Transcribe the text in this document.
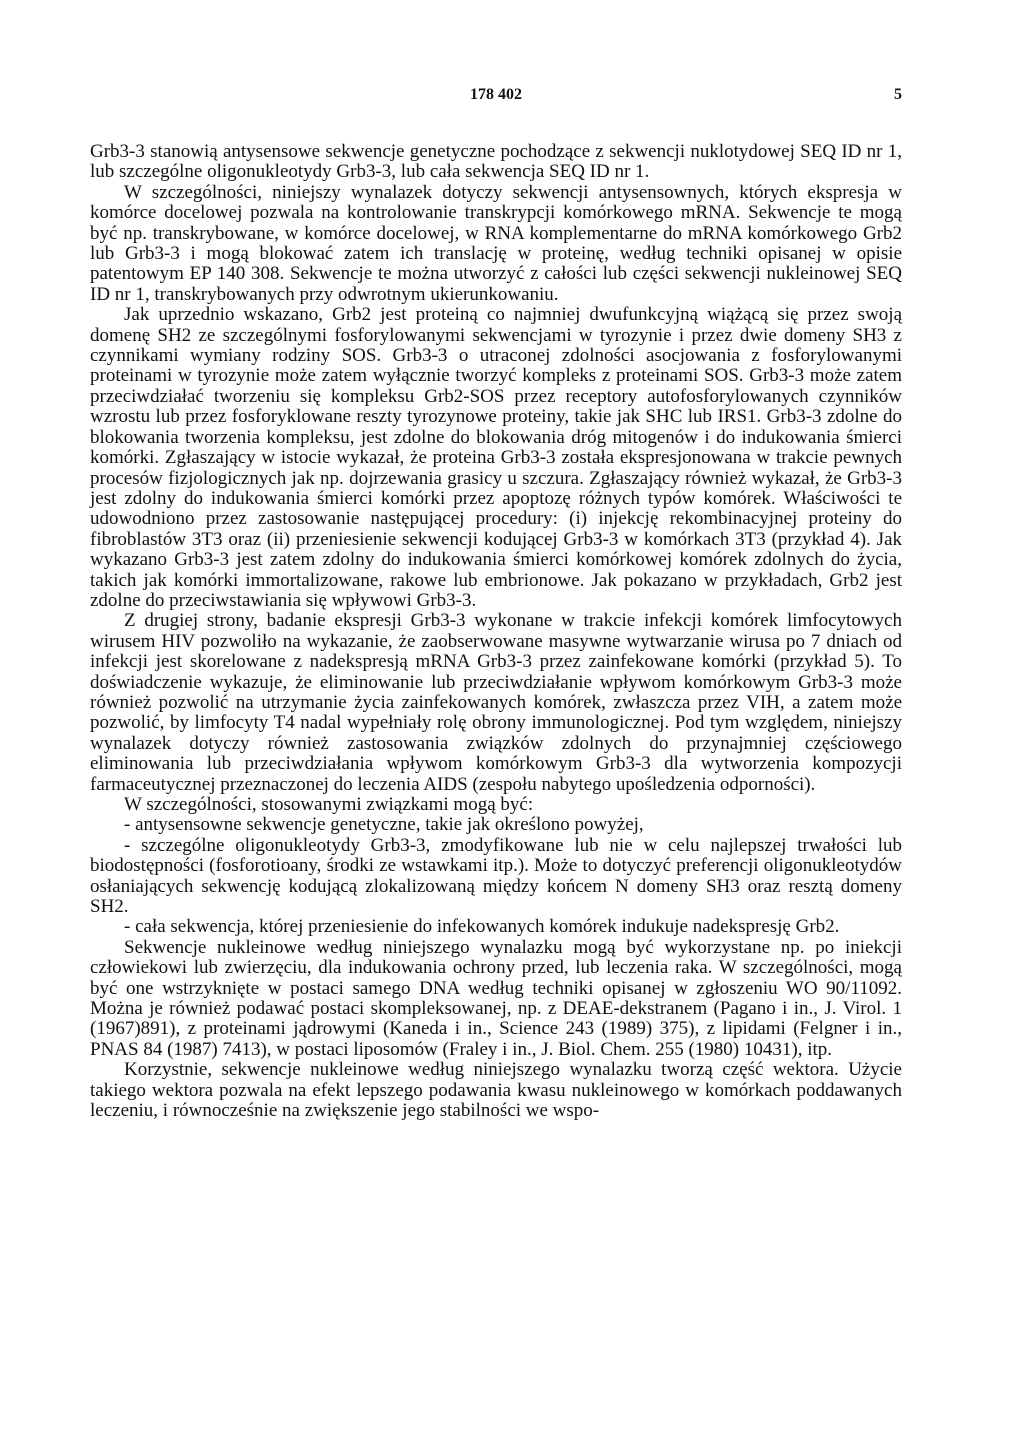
178 402	5

Grb3-3 stanowią antysensowe sekwencje genetyczne pochodzące z sekwencji nuklotydowej SEQ ID nr 1, lub szczególne oligonukleotydy Grb3-3, lub cała sekwencja SEQ ID nr 1.

W szczególności, niniejszy wynalazek dotyczy sekwencji antysensownych, których ekspresja w komórce docelowej pozwala na kontrolowanie transkrypcji komórkowego mRNA. Sekwencje te mogą być np. transkrybowane, w komórce docelowej, w RNA komplementarne do mRNA komórkowego Grb2 lub Grb3-3 i mogą blokować zatem ich translację w proteinę, według techniki opisanej w opisie patentowym EP 140 308. Sekwencje te można utworzyć z całości lub części sekwencji nukleinowej SEQ ID nr 1, transkrybowanych przy odwrotnym ukierunkowaniu.

Jak uprzednio wskazano, Grb2 jest proteiną co najmniej dwufunkcyjną wiążącą się przez swoją domenę SH2 ze szczególnymi fosforylowanymi sekwencjami w tyrozynie i przez dwie domeny SH3 z czynnikami wymiany rodziny SOS. Grb3-3 o utraconej zdolności asocjowania z fosforylowanymi proteinami w tyrozynie może zatem wyłącznie tworzyć kompleks z proteinami SOS. Grb3-3 może zatem przeciwdziałać tworzeniu się kompleksu Grb2-SOS przez receptory autofosforylowanych czynników wzrostu lub przez fosforyklowane reszty tyrozynowe proteiny, takie jak SHC lub IRS1. Grb3-3 zdolne do blokowania tworzenia kompleksu, jest zdolne do blokowania dróg mitogenów i do indukowania śmierci komórki. Zgłaszający w istocie wykazał, że proteina Grb3-3 została ekspresjonowana w trakcie pewnych procesów fizjologicznych jak np. dojrzewania grasicy u szczura. Zgłaszający również wykazał, że Grb3-3 jest zdolny do indukowania śmierci komórki przez apoptozę różnych typów komórek. Właściwości te udowodniono przez zastosowanie następującej procedury: (i) injekcję rekombinacyjnej proteiny do fibroblastów 3T3 oraz (ii) przeniesienie sekwencji kodującej Grb3-3 w komórkach 3T3 (przykład 4). Jak wykazano Grb3-3 jest zatem zdolny do indukowania śmierci komórkowej komórek zdolnych do życia, takich jak komórki immortalizowane, rakowe lub embrionowe. Jak pokazano w przykładach, Grb2 jest zdolne do przeciwstawiania się wpływowi Grb3-3.

Z drugiej strony, badanie ekspresji Grb3-3 wykonane w trakcie infekcji komórek limfocytowych wirusem HIV pozwoliło na wykazanie, że zaobserwowane masywne wytwarzanie wirusa po 7 dniach od infekcji jest skorelowane z nadekspresją mRNA Grb3-3 przez zainfekowane komórki (przykład 5). To doświadczenie wykazuje, że eliminowanie lub przeciwdziałanie wpływom komórkowym Grb3-3 może również pozwolić na utrzymanie życia zainfekowanych komórek, zwłaszcza przez VIH, a zatem może pozwolić, by limfocyty T4 nadal wypełniały rolę obrony immunologicznej. Pod tym względem, niniejszy wynalazek dotyczy również zastosowania związków zdolnych do przynajmniej częściowego eliminowania lub przeciwdziałania wpływom komórkowym Grb3-3 dla wytworzenia kompozycji farmaceutycznej przeznaczonej do leczenia AIDS (zespołu nabytego upośledzenia odporności).

W szczególności, stosowanymi związkami mogą być:

- antysensowne sekwencje genetyczne, takie jak określono powyżej,

- szczególne oligonukleotydy Grb3-3, zmodyfikowane lub nie w celu najlepszej trwałości lub biodostępności (fosforotioany, środki ze wstawkami itp.). Może to dotyczyć preferencji oligonukleotydów osłaniających sekwencję kodującą zlokalizowaną między końcem N domeny SH3 oraz resztą domeny SH2.

- cała sekwencja, której przeniesienie do infekowanych komórek indukuje nadekspresję Grb2.

Sekwencje nukleinowe według niniejszego wynalazku mogą być wykorzystane np. po iniekcji człowiekowi lub zwierzęciu, dla indukowania ochrony przed, lub leczenia raka. W szczególności, mogą być one wstrzyknięte w postaci samego DNA według techniki opisanej w zgłoszeniu WO 90/11092. Można je również podawać postaci skompleksowanej, np. z DEAE-dekstranem (Pagano i in., J. Virol. 1 (1967)891), z proteinami jądrowymi (Kaneda i in., Science 243 (1989) 375), z lipidami (Felgner i in., PNAS 84 (1987) 7413), w postaci liposomów (Fraley i in., J. Biol. Chem. 255 (1980) 10431), itp.

Korzystnie, sekwencje nukleinowe według niniejszego wynalazku tworzą część wektora. Użycie takiego wektora pozwala na efekt lepszego podawania kwasu nukleinowego w komórkach poddawanych leczeniu, i równocześnie na zwiększenie jego stabilności we wspo-
